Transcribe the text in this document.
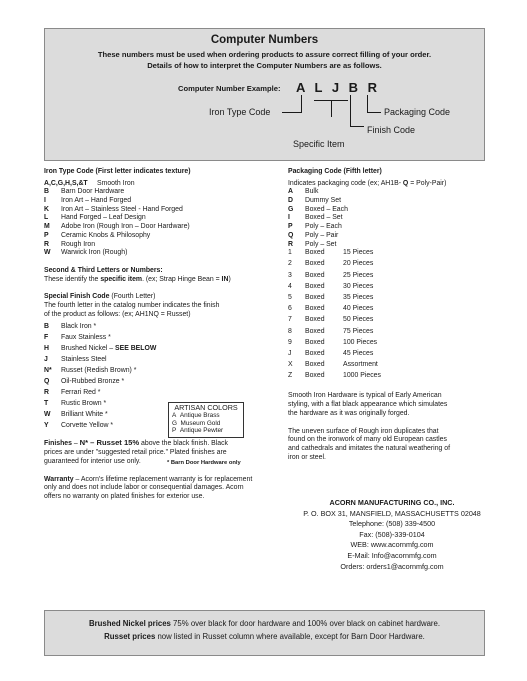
Computer Numbers
These numbers must be used when ordering products to assure correct filling of your order.
Details of how to interpret the Computer Numbers are as follows.
Computer Number Example: A L J B R
Iron Type Code
Specific Item
Finish Code
Packaging Code
Iron Type Code (First letter indicates texture)
A,C,G,H,S,&T Smooth Iron
B Barn Door Hardware
I Iron Art – Hand Forged
K Iron Art – Stainless Steel - Hand Forged
L Hand Forged – Leaf Design
M Adobe Iron (Rough Iron – Door Hardware)
P Ceramic Knobs & Philosophy
R Rough Iron
W Warwick Iron (Rough)
Second & Third Letters or Numbers:
These identify the specific item. (ex; Strap Hinge Bean = IN)
Special Finish Code (Fourth Letter)
The fourth letter in the catalog number indicates the finish
of the product as follows: (ex; AH1NQ = Russet)
B Black Iron *
F Faux Stainless *
H Brushed Nickel – SEE BELOW
J Stainless Steel
N* Russet (Redish Brown) *
Q Oil-Rubbed Bronze *
R Ferrari Red *
T Rustic Brown *
W Brilliant White *
Y Corvette Yellow *
Finishes – N* – Russet 15% above the black finish. Black
prices are under "suggested retail price." Plated finishes are
guaranteed for interior use only.
Warranty – Acorn's lifetime replacement warranty is for replacement
only and does not include labor or consequential damages. Acorn
offers no warranty on plated finishes for exterior use.
ARTISAN COLORS
A Antique Brass
G Museum Gold
P Antique Pewter
* Barn Door Hardware only
Packaging Code (Fifth letter)
Indicates packaging code (ex; AH1B- Q = Poly-Pair)
A Bulk
D Dummy Set
G Boxed – Each
I Boxed – Set
P Poly – Each
Q Poly – Pair
R Poly – Set
1 Boxed	15 Pieces
2 Boxed	20 Pieces
3 Boxed	25 Pieces
4 Boxed	30 Pieces
5 Boxed	35 Pieces
6 Boxed	40 Pieces
7 Boxed	50 Pieces
8 Boxed	75 Pieces
9 Boxed	100 Pieces
J Boxed	45 Pieces
X Boxed	Assortment
Z Boxed	1000 Pieces
Smooth Iron Hardware is typical of Early American
styling, with a flat black appearance which simulates
the hardware as it was originally forged.
The uneven surface of Rough iron duplicates that
found on the ironwork of many old European castles
and cathedrals and imitates the natural weathering of
iron or steel.
ACORN MANUFACTURING CO., INC.
P. O. BOX 31, MANSFIELD, MASSACHUSETTS 02048
Telephone: (508) 339-4500
Fax: (508)-339-0104
WEB: www.acornmfg.com
E-Mail: Info@acornmfg.com
Orders: orders1@acornmfg.com
Brushed Nickel prices 75% over black for door hardware and 100% over black on cabinet hardware.
Russet prices now listed in Russet column where available, except for Barn Door Hardware.
